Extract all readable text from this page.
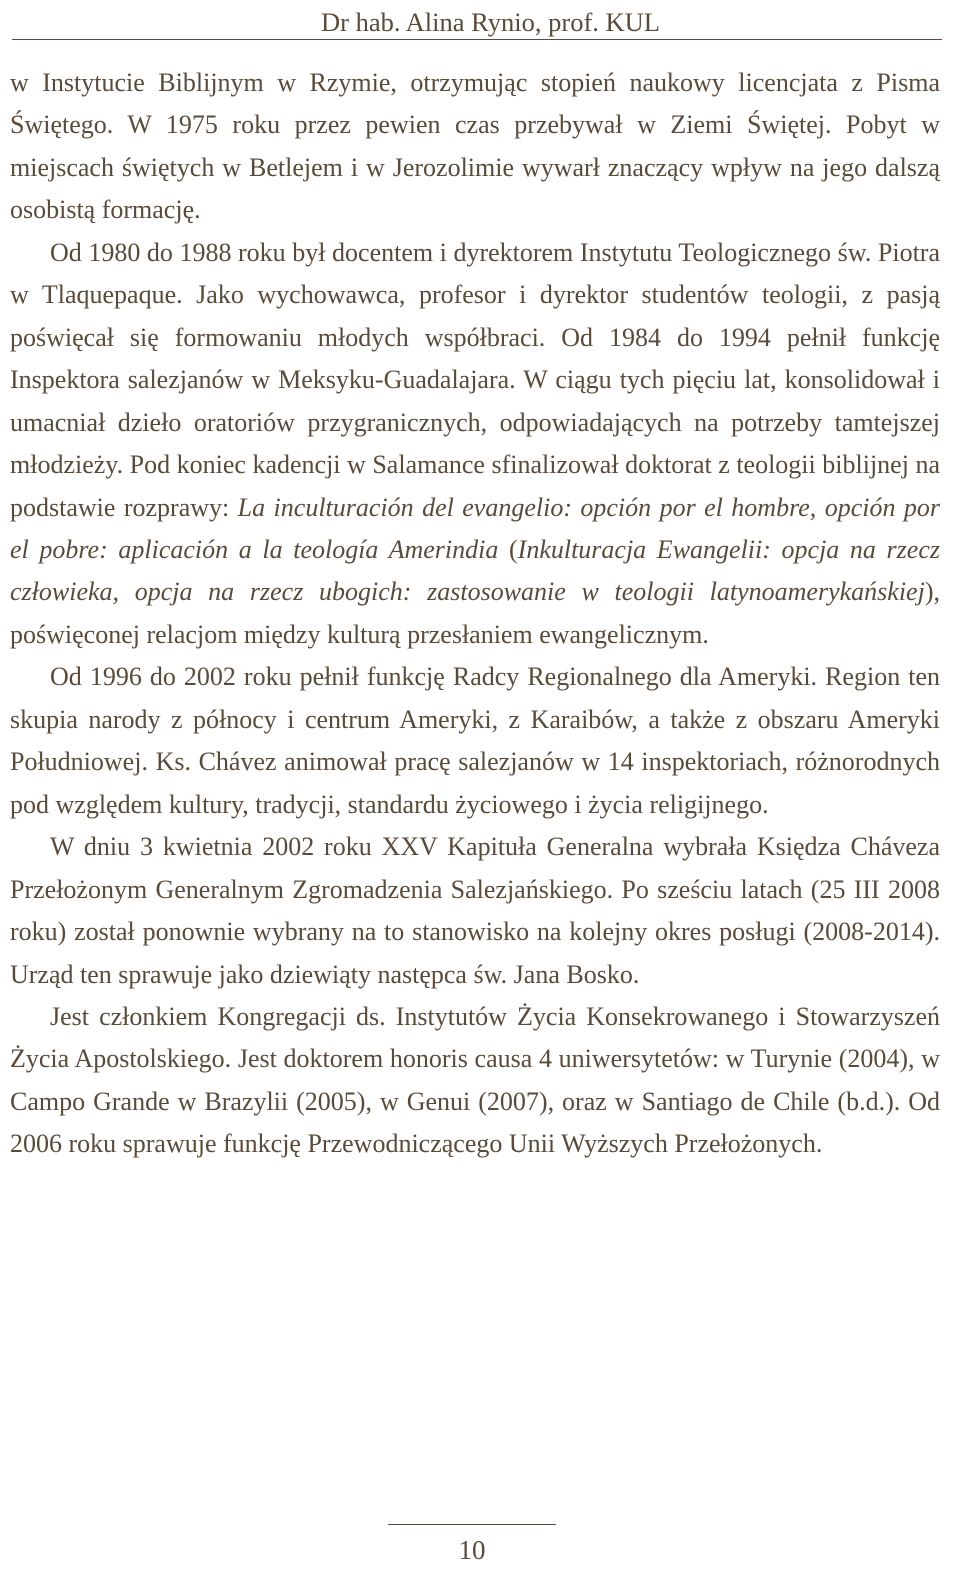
Dr hab. Alina Rynio, prof. KUL

w Instytucie Biblijnym w Rzymie, otrzymując stopień naukowy licencjata z Pisma Świętego. W 1975 roku przez pewien czas przebywał w Ziemi Świętej. Pobyt w miejscach świętych w Betlejem i w Jerozolimie wywarł znaczący wpływ na jego dalszą osobistą formację.

Od 1980 do 1988 roku był docentem i dyrektorem Instytutu Teologicznego św. Piotra w Tlaquepaque. Jako wychowawca, profesor i dyrektor studentów teologii, z pasją poświęcał się formowaniu młodych współbraci. Od 1984 do 1994 pełnił funkcję Inspektora salezjanów w Meksyku-Guadalajara. W ciągu tych pięciu lat, konsolidował i umacniał dzieło oratoriów przygranicznych, odpowiadających na potrzeby tamtejszej młodzieży. Pod koniec kadencji w Salamance sfinalizował doktorat z teologii biblijnej na podstawie rozprawy: La inculturación del evangelio: opción por el hombre, opción por el pobre: aplicación a la teología Amerindia (Inkulturacja Ewangelii: opcja na rzecz człowieka, opcja na rzecz ubogich: zastosowanie w teologii latynoamerykańskiej), poświęconej relacjom między kulturą przesłaniem ewangelicznym.

Od 1996 do 2002 roku pełnił funkcję Radcy Regionalnego dla Ameryki. Region ten skupia narody z północy i centrum Ameryki, z Karaibów, a także z obszaru Ameryki Południowej. Ks. Chávez animował pracę salezjanów w 14 inspektoriach, różnorodnych pod względem kultury, tradycji, standardu życiowego i życia religijnego.

W dniu 3 kwietnia 2002 roku XXV Kapituła Generalna wybrała Księdza Cháveza Przełożonym Generalnym Zgromadzenia Salezjańskiego. Po sześciu latach (25 III 2008 roku) został ponownie wybrany na to stanowisko na kolejny okres posługi (2008-2014). Urząd ten sprawuje jako dziewiąty następca św. Jana Bosko.

Jest członkiem Kongregacji ds. Instytutów Życia Konsekrowanego i Stowarzyszeń Życia Apostolskiego. Jest doktorem honoris causa 4 uniwersytetów: w Turynie (2004), w Campo Grande w Brazylii (2005), w Genui (2007), oraz w Santiago de Chile (b.d.). Od 2006 roku sprawuje funkcję Przewodniczącego Unii Wyższych Przełożonych.

10
